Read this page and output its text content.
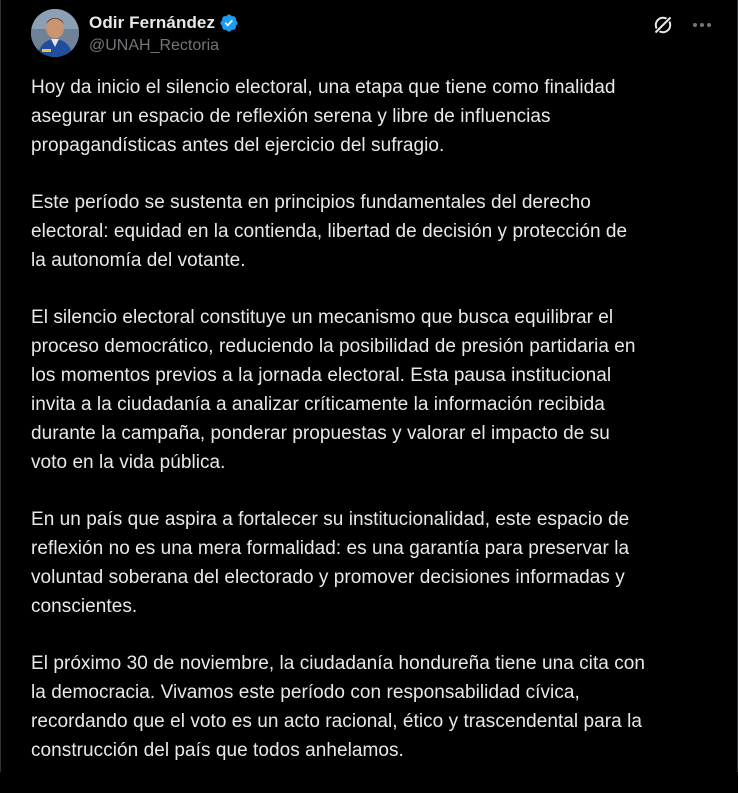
Odir Fernández
@UNAH_Rectoria

Hoy da inicio el silencio electoral, una etapa que tiene como finalidad
asegurar un espacio de reflexión serena y libre de influencias
propagandísticas antes del ejercicio del sufragio.

Este período se sustenta en principios fundamentales del derecho
electoral: equidad en la contienda, libertad de decisión y protección de
la autonomía del votante.

El silencio electoral constituye un mecanismo que busca equilibrar el
proceso democrático, reduciendo la posibilidad de presión partidaria en
los momentos previos a la jornada electoral. Esta pausa institucional
invita a la ciudadanía a analizar críticamente la información recibida
durante la campaña, ponderar propuestas y valorar el impacto de su
voto en la vida pública.

En un país que aspira a fortalecer su institucionalidad, este espacio de
reflexión no es una mera formalidad: es una garantía para preservar la
voluntad soberana del electorado y promover decisiones informadas y
conscientes.

El próximo 30 de noviembre, la ciudadanía hondureña tiene una cita con
la democracia. Vivamos este período con responsabilidad cívica,
recordando que el voto es un acto racional, ético y trascendental para la
construcción del país que todos anhelamos.
